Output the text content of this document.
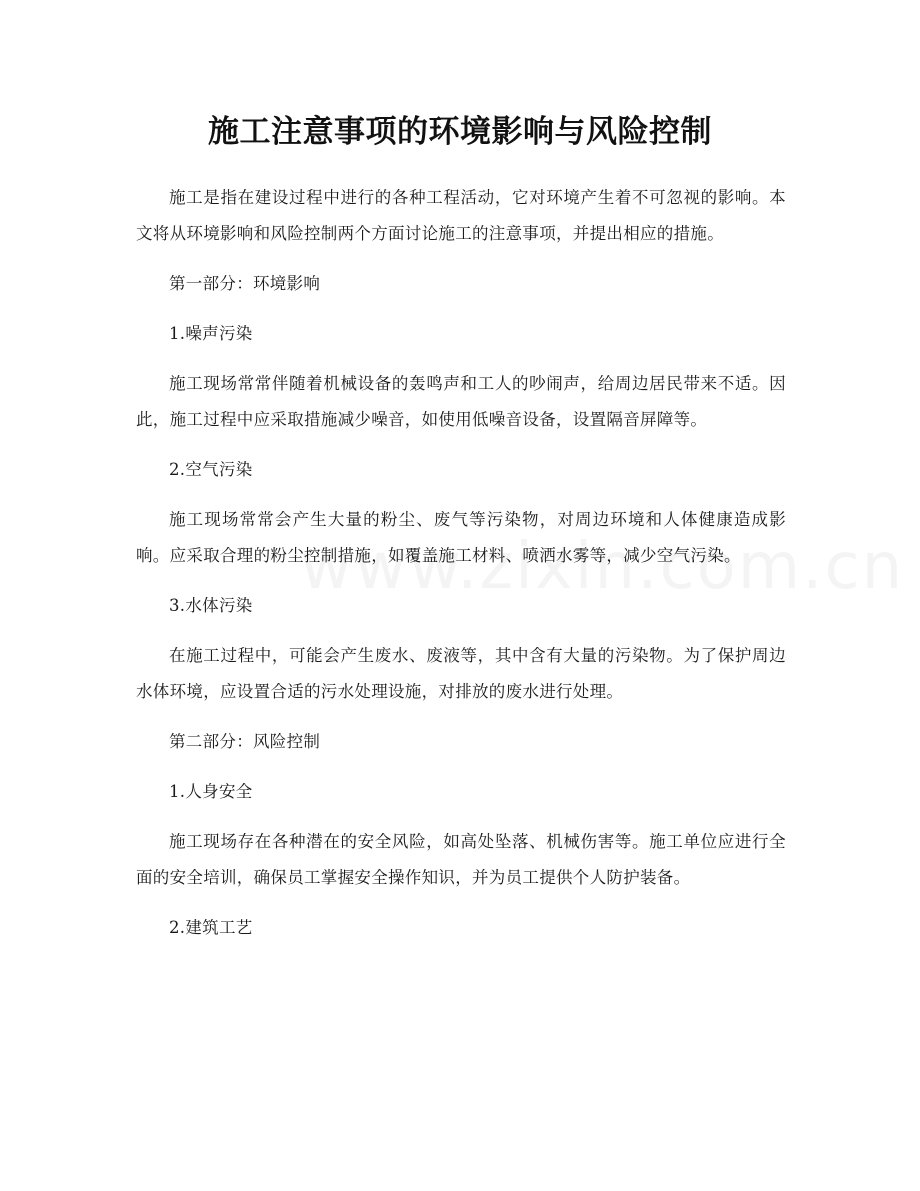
施工注意事项的环境影响与风险控制

施工是指在建设过程中进行的各种工程活动，它对环境产生着不可忽视的影响。本文将从环境影响和风险控制两个方面讨论施工的注意事项，并提出相应的措施。

第一部分：环境影响

1.噪声污染

施工现场常常伴随着机械设备的轰鸣声和工人的吵闹声，给周边居民带来不适。因此，施工过程中应采取措施减少噪音，如使用低噪音设备，设置隔音屏障等。

2.空气污染

施工现场常常会产生大量的粉尘、废气等污染物，对周边环境和人体健康造成影响。应采取合理的粉尘控制措施，如覆盖施工材料、喷洒水雾等，减少空气污染。

3.水体污染

在施工过程中，可能会产生废水、废液等，其中含有大量的污染物。为了保护周边水体环境，应设置合适的污水处理设施，对排放的废水进行处理。

第二部分：风险控制

1.人身安全

施工现场存在各种潜在的安全风险，如高处坠落、机械伤害等。施工单位应进行全面的安全培训，确保员工掌握安全操作知识，并为员工提供个人防护装备。

2.建筑工艺
